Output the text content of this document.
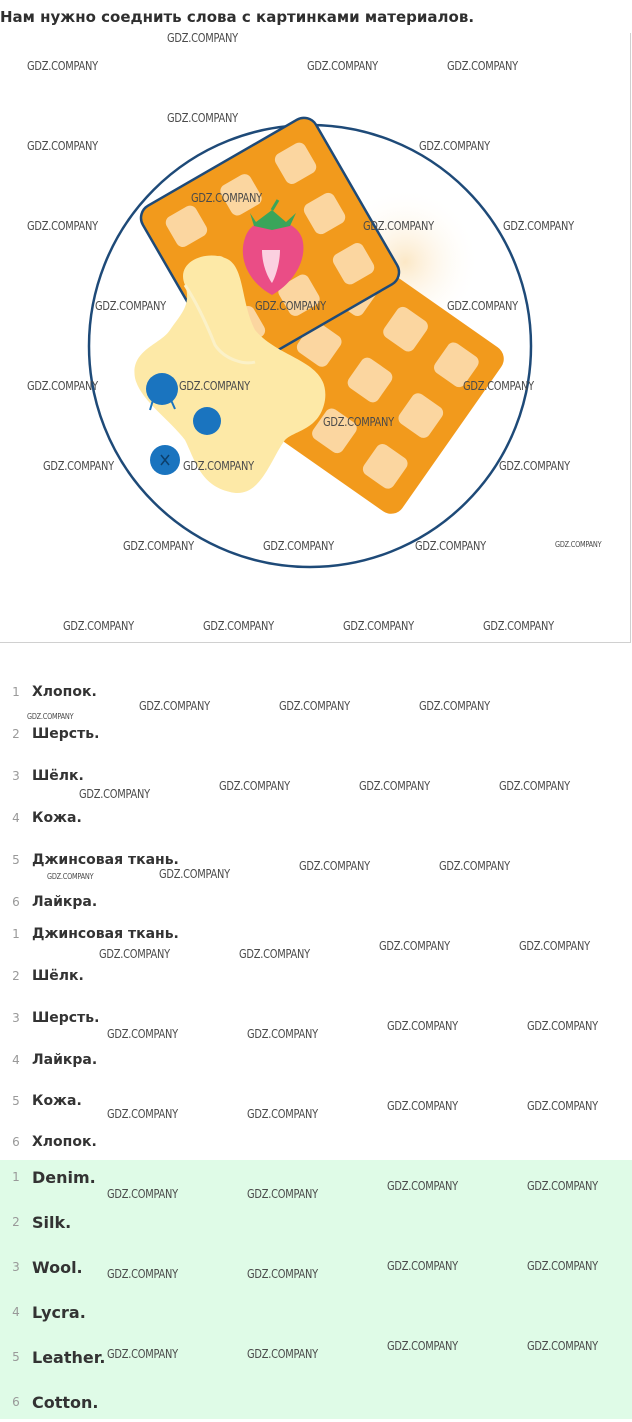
Нам нужно соеднить слова с картинками материалов.

1 Хлопок.
2 Шерсть.
3 Шёлк.
4 Кожа.
5 Джинсовая ткань.
6 Лайкра.
1 Джинсовая ткань.
2 Шёлк.
3 Шерсть.
4 Лайкра.
5 Кожа.
6 Хлопок.
1 Denim.
2 Silk.
3 Wool.
4 Lycra.
5 Leather.
6 Cotton.
GDZ.COMPANY
GDZ.COMPANY	GDZ.COMPANY	GDZ.COMPANY
GDZ.COMPANY
GDZ.COMPANY	GDZ.COMPANY
GDZ.COMPANY
GDZ.COMPANY	GDZ.COMPANY	GDZ.COMPANY
GDZ.COMPANY	GDZ.COMPANY	GDZ.COMPANY
GDZ.COMPANY	GDZ.COMPANY	GDZ.COMPANY
GDZ.COMPANY
GDZ.COMPANY	GDZ.COMPANY	GDZ.COMPANY
GDZ.COMPANY	GDZ.COMPANY	GDZ.COMPANY
GDZ.COMPANY	GDZ.COMPANY	GDZ.COMPANY	GDZ.COMPANY
GDZ.COMPANY	GDZ.COMPANY	GDZ.COMPANY
GDZ.COMPANY
GDZ.COMPANY	GDZ.COMPANY	GDZ.COMPANY
GDZ.COMPANY
GDZ.COMPANY	GDZ.COMPANY
GDZ.COMPANY	GDZ.COMPANY
GDZ.COMPANY	GDZ.COMPANY
GDZ.COMPANY	GDZ.COMPANY
GDZ.COMPANY	GDZ.COMPANY
GDZ.COMPANY	GDZ.COMPANY
GDZ.COMPANY	GDZ.COMPANY
GDZ.COMPANY	GDZ.COMPANY
GDZ.COMPANY	GDZ.COMPANY
GDZ.COMPANY	GDZ.COMPANY
GDZ.COMPANY	GDZ.COMPANY
GDZ.COMPANY	GDZ.COMPANY
GDZ.COMPANY	GDZ.COMPANY
GDZ.COMPANY
GDZ.COMPANY
GDZ.COMPANY
